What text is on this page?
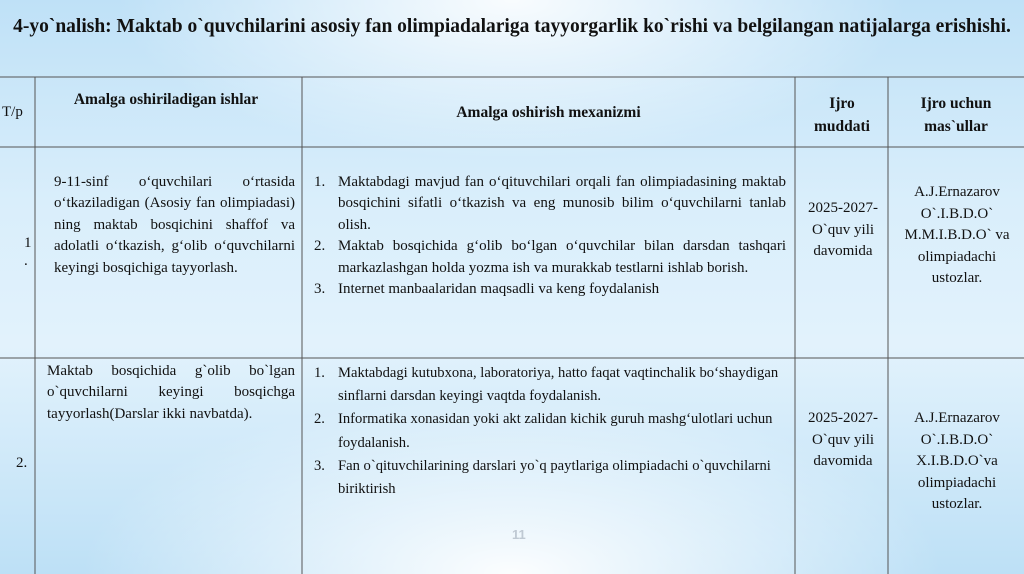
4-yo`nalish: Maktab o`quvchilarini asosiy fan olimpiadalariga tayyorgarlik ko`rishi va belgilangan natijalarga erishishi.
T/p
Amalga oshiriladigan ishlar
Amalga oshirish mexanizmi
Ijro muddati
Ijro uchun mas`ullar
1
.
9-11-sinf o‘quvchilari o‘rtasida o‘tkaziladigan (Asosiy fan olimpiadasi) ning maktab bosqichini shaffof va adolatli o‘tkazish, g‘olib o‘quvchilarni keyingi bosqichiga tayyorlash.
1. Maktabdagi mavjud fan o‘qituvchilari orqali fan olimpiadasining maktab bosqichini sifatli o‘tkazish va eng munosib bilim o‘quvchilarni tanlab olish.
2. Maktab bosqichida g‘olib bo‘lgan o‘quvchilar bilan darsdan tashqari markazlashgan holda yozma ish va murakkab testlarni ishlab borish.
3. Internet manbaalaridan maqsadli va keng foydalanish
2025-2027-O`quv yili davomida
A.J.Ernazarov O`.I.B.D.O` M.M.I.B.D.O` va olimpiadachi ustozlar.
2.
Maktab bosqichida g`olib bo`lgan o`quvchilarni keyingi bosqichga tayyorlash(Darslar ikki navbatda).
1. Maktabdagi kutubxona, laboratoriya, hatto faqat vaqtinchalik bo‘shaydigan sinflarni darsdan keyingi vaqtda foydalanish.
2. Informatika xonasidan yoki akt zalidan kichik guruh mashg‘ulotlari uchun foydalanish.
3. Fan o`qituvchilarining darslari yo`q paytlariga olimpiadachi o`quvchilarni biriktirish
2025-2027-O`quv yili davomida
A.J.Ernazarov O`.I.B.D.O` X.I.B.D.O`va olimpiadachi ustozlar.
11
